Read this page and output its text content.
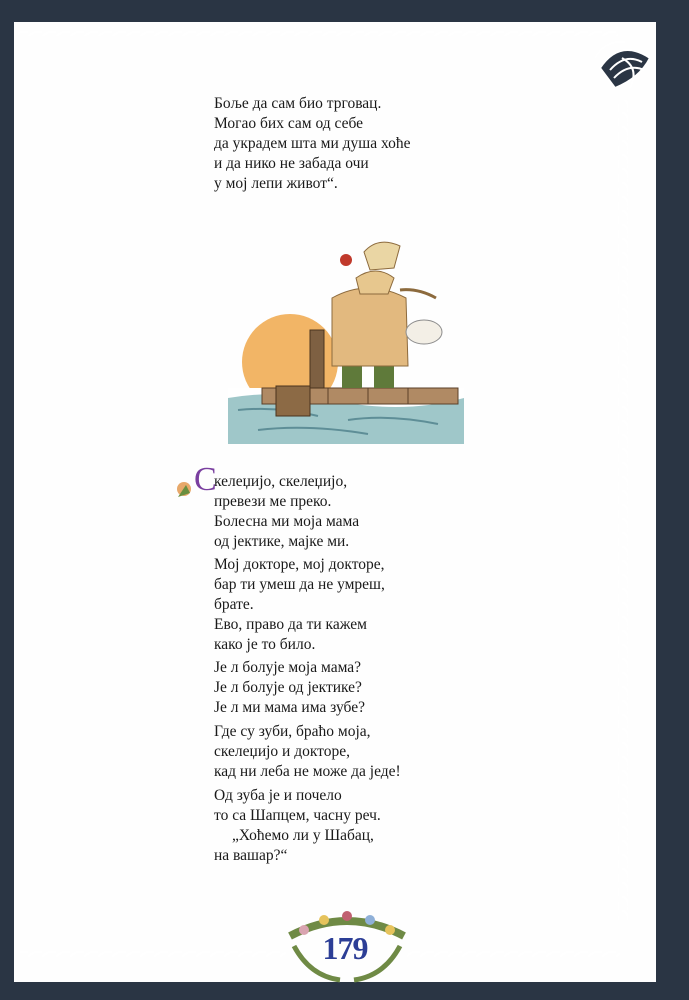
Боље да сам био трговац.
Могао бих сам од себе
да украдем шта ми душа хоће
и да нико не забада очи
у мој лепи живот“.
С
келеџијо, скелеџијо,
превези ме преко.
Болесна ми моја мама
од јектике, мајке ми.
Мој докторе, мој докторе,
бар ти умеш да не умреш,
брате.
Ево, право да ти кажем
како је то било.
Је л болује моја мама?
Је л болује од јектике?
Је л ми мама има зубе?
Где су зуби, браћо моја,
скелеџијо и докторе,
кад ни леба не може да једе!
Од зуба је и почело
то са Шапцем, часну реч.
„Хоћемо ли у Шабац,
на вашар?“
179
